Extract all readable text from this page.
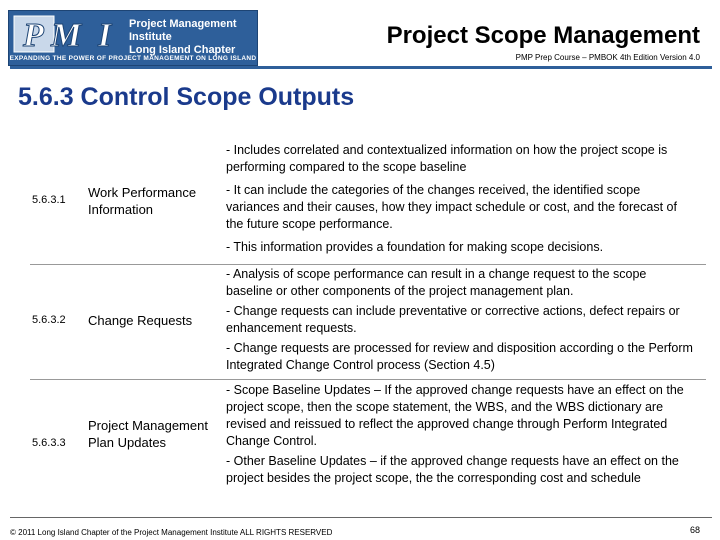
P M I Project Management Institute
Long Island Chapter
EXPANDING THE POWER OF PROJECT MANAGEMENT ON LONG ISLAND
Project Scope Management
PMP Prep Course – PMBOK 4th Edition Version 4.0
5.6.3 Control Scope Outputs
5.6.3.1	Work Performance Information

- Includes correlated and contextualized information on how the project scope is performing compared to the scope baseline

- It can include the categories of the changes received, the identified scope variances and their causes, how they impact schedule or cost, and the forecast of the future scope performance.

- This information provides a foundation for making scope decisions.

5.6.3.2	Change Requests

- Analysis of scope performance can result in a change request to the scope baseline or other components of the project management plan.

- Change requests can include preventative or corrective actions, defect repairs or enhancement requests.

- Change requests are processed for review and disposition according o the Perform Integrated Change Control process (Section 4.5)

5.6.3.3
Project Management Plan Updates

- Scope Baseline Updates – If the approved change requests have an effect on the project scope, then the scope statement, the WBS, and the WBS dictionary are revised and reissued to reflect the approved change through Perform Integrated Change Control.

- Other Baseline Updates – if the approved change requests have an effect on the project besides the project scope, the the corresponding cost and schedule

© 2011 Long Island Chapter of the Project Management Institute ALL RIGHTS RESERVED	68
